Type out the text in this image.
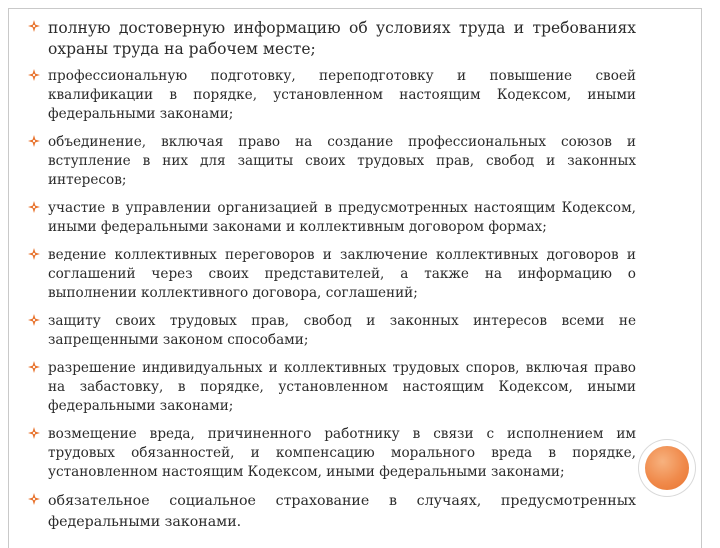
полную достоверную информацию об условиях труда и требованиях охраны труда на рабочем месте;
профессиональную подготовку, переподготовку и повышение своей квалификации в порядке, установленном настоящим Кодексом, иными федеральными законами;
объединение, включая право на создание профессиональных союзов и вступление в них для защиты своих трудовых прав, свобод и законных интересов;
участие в управлении организацией в предусмотренных настоящим Кодексом, иными федеральными законами и коллективным договором формах;
ведение коллективных переговоров и заключение коллективных договоров и соглашений через своих представителей, а также на информацию о выполнении коллективного договора, соглашений;
защиту своих трудовых прав, свобод и законных интересов всеми не запрещенными законом способами;
разрешение индивидуальных и коллективных трудовых споров, включая право на забастовку, в порядке, установленном настоящим Кодексом, иными федеральными законами;
возмещение вреда, причиненного работнику в связи с исполнением им трудовых обязанностей, и компенсацию морального вреда в порядке, установленном настоящим Кодексом, иными федеральными законами;
обязательное социальное страхование в случаях, предусмотренных федеральными законами.
